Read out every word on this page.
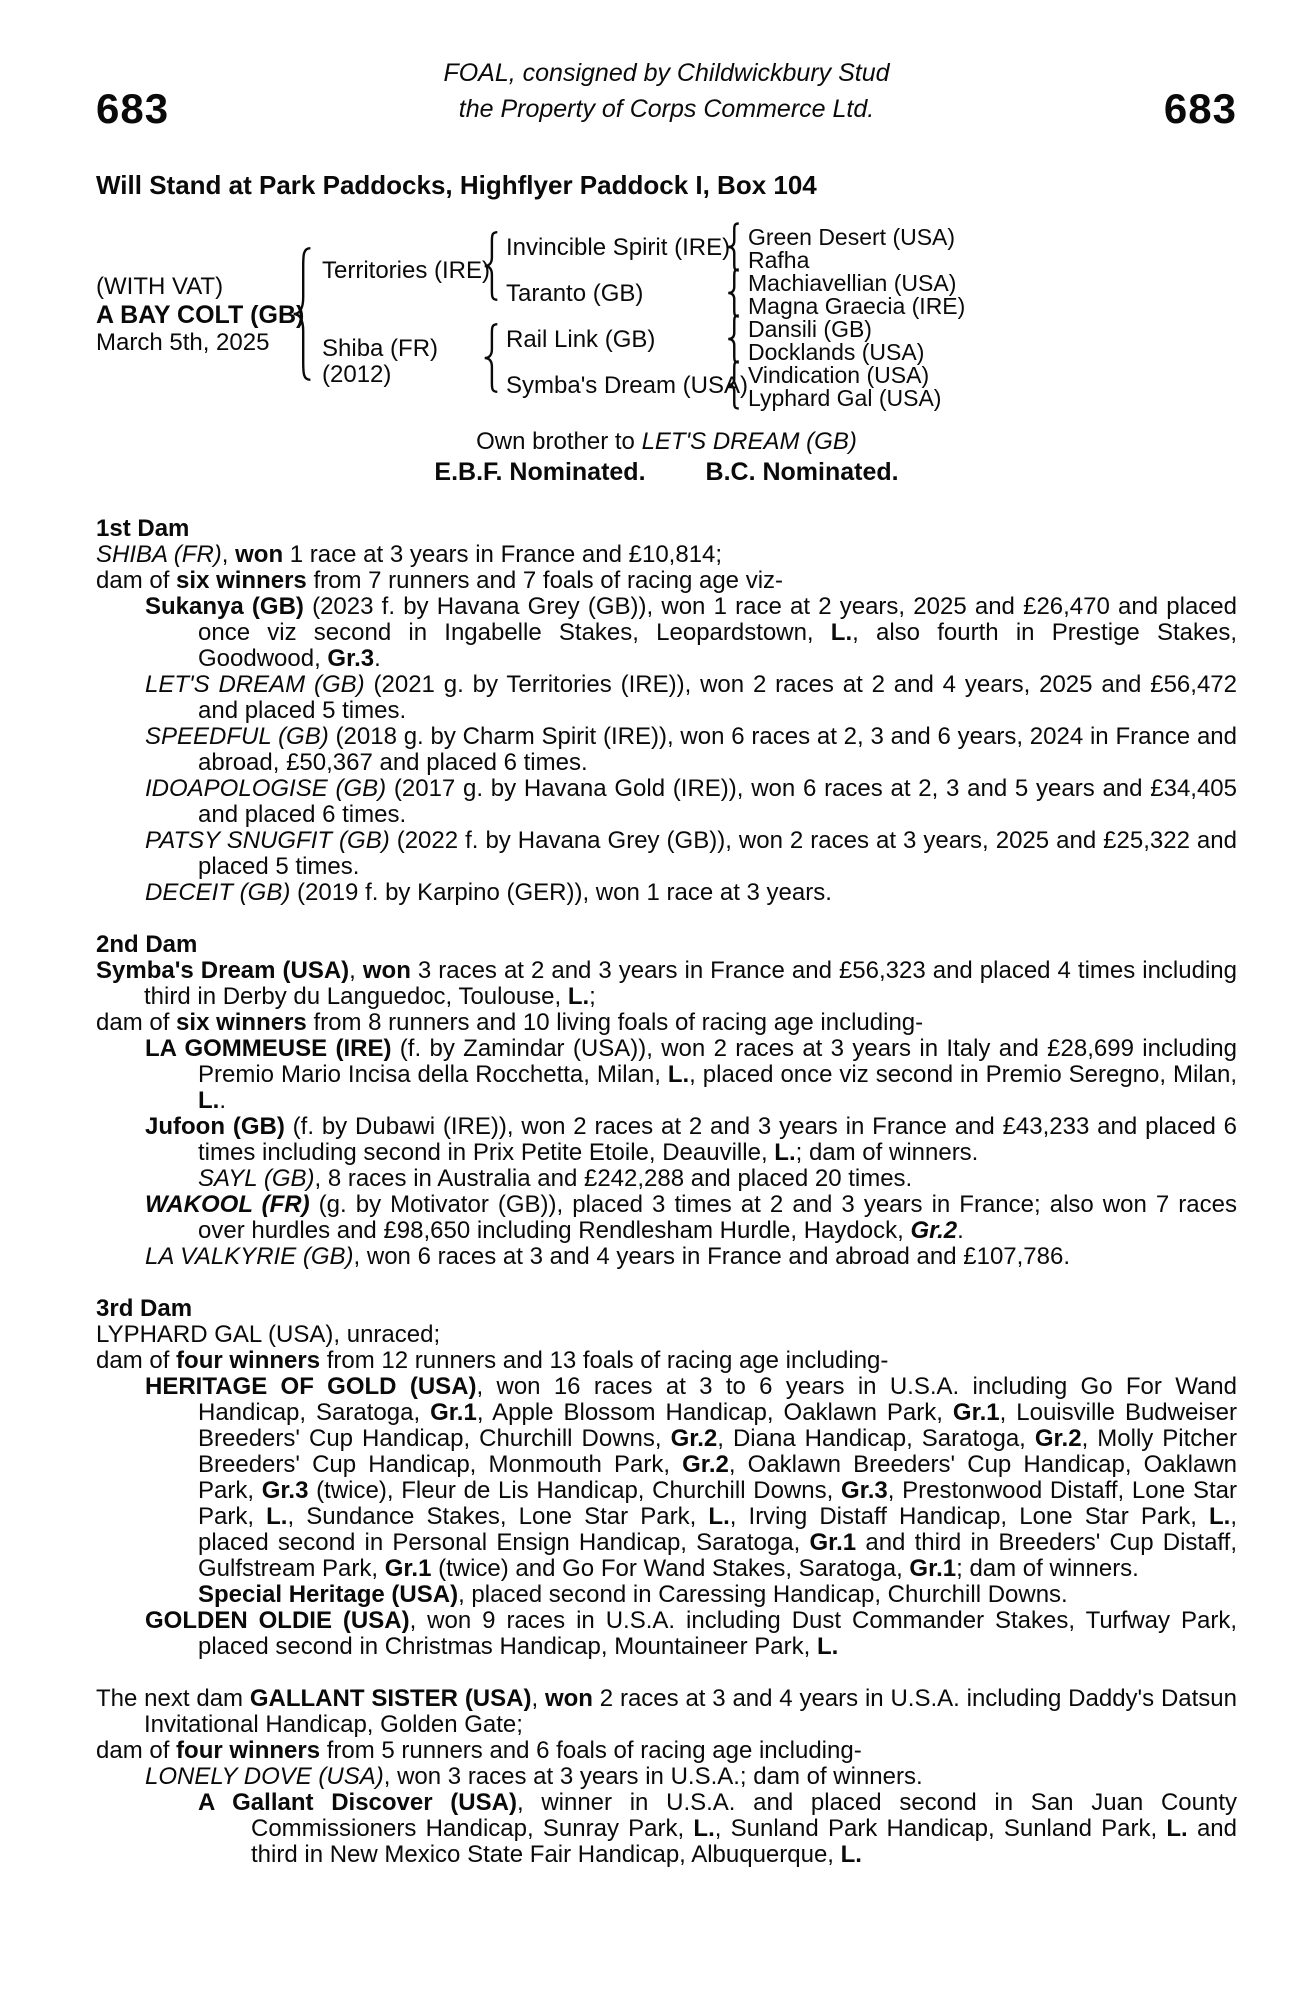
FOAL, consigned by Childwickbury Stud
683	the Property of Corps Commerce Ltd.	683
Will Stand at Park Paddocks, Highflyer Paddock I, Box 104
(WITH VAT)
A BAY COLT (GB)
March 5th, 2025
Territories (IRE)
Shiba (FR)
(2012)
Invincible Spirit (IRE)
Taranto (GB)
Rail Link (GB)
Symba's Dream (USA)
Green Desert (USA)
Rafha
Machiavellian (USA)
Magna Graecia (IRE)
Dansili (GB)
Docklands (USA)
Vindication (USA)
Lyphard Gal (USA)
Own brother to LET'S DREAM (GB)
E.B.F. Nominated. B.C. Nominated.
1st Dam
SHIBA (FR), won 1 race at 3 years in France and £10,814;
dam of six winners from 7 runners and 7 foals of racing age viz-
Sukanya (GB) (2023 f. by Havana Grey (GB)), won 1 race at 2 years, 2025 and £26,470 and placed once viz second in Ingabelle Stakes, Leopardstown, L., also fourth in Prestige Stakes, Goodwood, Gr.3.
LET'S DREAM (GB) (2021 g. by Territories (IRE)), won 2 races at 2 and 4 years, 2025 and £56,472 and placed 5 times.
SPEEDFUL (GB) (2018 g. by Charm Spirit (IRE)), won 6 races at 2, 3 and 6 years, 2024 in France and abroad, £50,367 and placed 6 times.
IDOAPOLOGISE (GB) (2017 g. by Havana Gold (IRE)), won 6 races at 2, 3 and 5 years and £34,405 and placed 6 times.
PATSY SNUGFIT (GB) (2022 f. by Havana Grey (GB)), won 2 races at 3 years, 2025 and £25,322 and placed 5 times.
DECEIT (GB) (2019 f. by Karpino (GER)), won 1 race at 3 years.
2nd Dam
Symba's Dream (USA), won 3 races at 2 and 3 years in France and £56,323 and placed 4 times including third in Derby du Languedoc, Toulouse, L.;
dam of six winners from 8 runners and 10 living foals of racing age including-
LA GOMMEUSE (IRE) (f. by Zamindar (USA)), won 2 races at 3 years in Italy and £28,699 including Premio Mario Incisa della Rocchetta, Milan, L., placed once viz second in Premio Seregno, Milan, L..
Jufoon (GB) (f. by Dubawi (IRE)), won 2 races at 2 and 3 years in France and £43,233 and placed 6 times including second in Prix Petite Etoile, Deauville, L.; dam of winners.
SAYL (GB), 8 races in Australia and £242,288 and placed 20 times.
WAKOOL (FR) (g. by Motivator (GB)), placed 3 times at 2 and 3 years in France; also won 7 races over hurdles and £98,650 including Rendlesham Hurdle, Haydock, Gr.2.
LA VALKYRIE (GB), won 6 races at 3 and 4 years in France and abroad and £107,786.
3rd Dam
LYPHARD GAL (USA), unraced;
dam of four winners from 12 runners and 13 foals of racing age including-
HERITAGE OF GOLD (USA), won 16 races at 3 to 6 years in U.S.A. including Go For Wand Handicap, Saratoga, Gr.1, Apple Blossom Handicap, Oaklawn Park, Gr.1, Louisville Budweiser Breeders' Cup Handicap, Churchill Downs, Gr.2, Diana Handicap, Saratoga, Gr.2, Molly Pitcher Breeders' Cup Handicap, Monmouth Park, Gr.2, Oaklawn Breeders' Cup Handicap, Oaklawn Park, Gr.3 (twice), Fleur de Lis Handicap, Churchill Downs, Gr.3, Prestonwood Distaff, Lone Star Park, L., Sundance Stakes, Lone Star Park, L., Irving Distaff Handicap, Lone Star Park, L., placed second in Personal Ensign Handicap, Saratoga, Gr.1 and third in Breeders' Cup Distaff, Gulfstream Park, Gr.1 (twice) and Go For Wand Stakes, Saratoga, Gr.1; dam of winners.
Special Heritage (USA), placed second in Caressing Handicap, Churchill Downs.
GOLDEN OLDIE (USA), won 9 races in U.S.A. including Dust Commander Stakes, Turfway Park, placed second in Christmas Handicap, Mountaineer Park, L.
The next dam GALLANT SISTER (USA), won 2 races at 3 and 4 years in U.S.A. including Daddy's Datsun Invitational Handicap, Golden Gate;
dam of four winners from 5 runners and 6 foals of racing age including-
LONELY DOVE (USA), won 3 races at 3 years in U.S.A.; dam of winners.
A Gallant Discover (USA), winner in U.S.A. and placed second in San Juan County Commissioners Handicap, Sunray Park, L., Sunland Park Handicap, Sunland Park, L. and third in New Mexico State Fair Handicap, Albuquerque, L.
